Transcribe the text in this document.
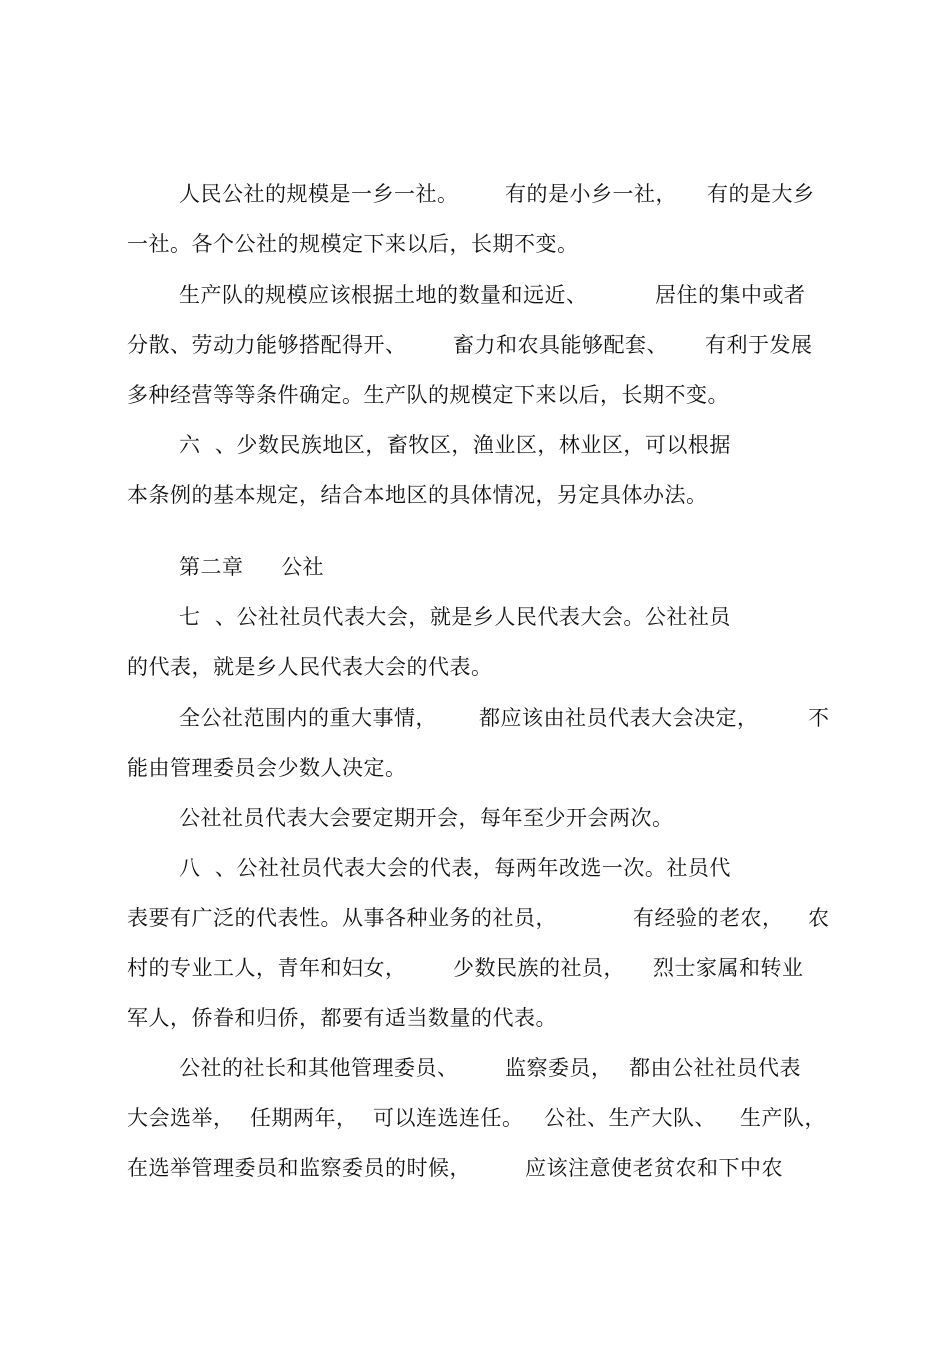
人民公社的规模是一乡一社。

有的是小乡一社，

有的是大乡

一社。各个公社的规模定下来以后，长期不变。

生产队的规模应该根据土地的数量和远近、

	居住的集中或者

分散、劳动力能够搭配得开、

畜力和农具能够配套、

有利于发展

多种经营等等条件确定。生产队的规模定下来以后，长期不变。
六  、少数民族地区，畜牧区，渔业区，林业区，可以根据
本条例的基本规定，结合本地区的具体情况，另定具体办法。

第二章

公社

七  、公社社员代表大会，就是乡人民代表大会。公社社员
的代表，就是乡人民代表大会的代表。

全公社范围内的重大事情，

都应该由社员代表大会决定，

不

能由管理委员会少数人决定。
公社社员代表大会要定期开会，每年至少开会两次。
八  、公社社员代表大会的代表，每两年改选一次。社员代

表要有广泛的代表性。从事各种业务的社员，

	有经验的老农，

农

村的专业工人，青年和妇女，

少数民族的社员，

烈士家属和转业

军人，侨眷和归侨，都要有适当数量的代表。

公社的社长和其他管理委员、

监察委员，

都由公社社员代表

大会选举，

任期两年，

可以连选连任。

公社、生产大队、

生产队，

在选举管理委员和监察委员的时候，

	应该注意使老贫农和下中农
